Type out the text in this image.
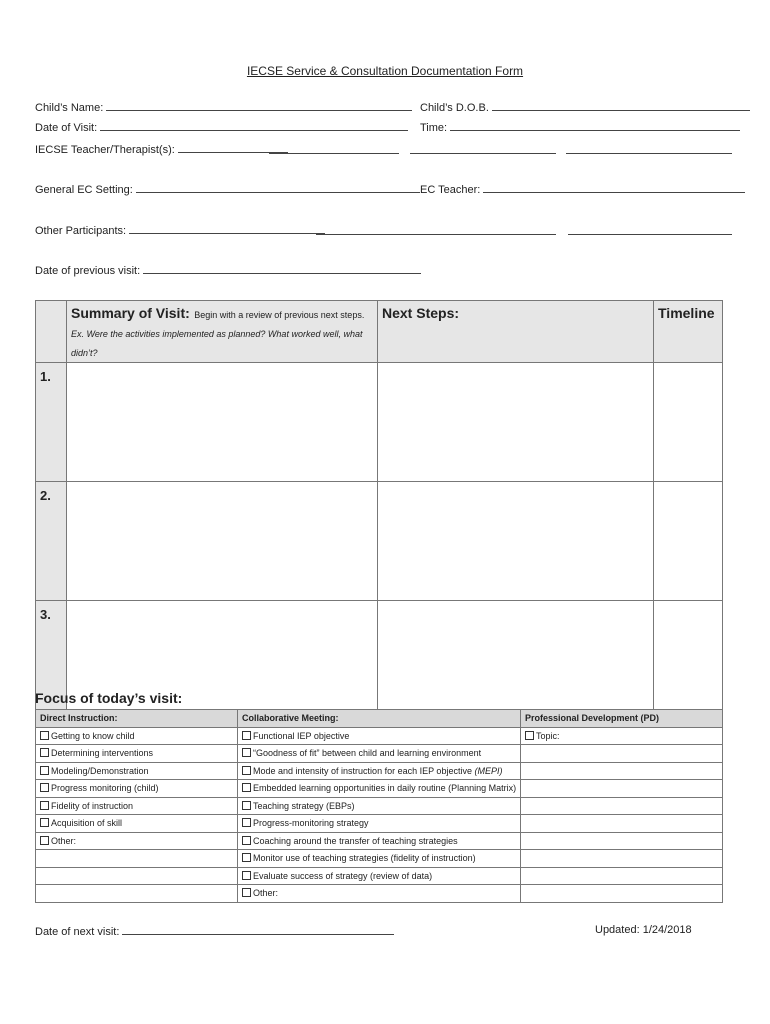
IECSE Service & Consultation Documentation Form
Child’s Name:	Child’s D.O.B.
Date of Visit:	Time:
IECSE Teacher/Therapist(s):
General EC Setting:	EC Teacher:
Other Participants:
Date of previous visit:
	Summary of Visit: Begin with a review of previous next steps. Ex. Were the activities implemented as planned? What worked well, what didn’t?	Next Steps:	Timeline
1.			
2.			
3.			
Focus of today’s visit:
Direct Instruction:	Collaborative Meeting:	Professional Development (PD)
Getting to know child	Functional IEP objective	Topic:
Determining interventions	“Goodness of fit” between child and learning environment	
Modeling/Demonstration	Mode and intensity of instruction for each IEP objective (MEPI)	
Progress monitoring (child)	Embedded learning opportunities in daily routine (Planning Matrix)	
Fidelity of instruction	Teaching strategy (EBPs)	
Acquisition of skill	Progress-monitoring strategy	
Other:	Coaching around the transfer of teaching strategies	
	Monitor use of teaching strategies (fidelity of instruction)	
	Evaluate success of strategy (review of data)	
	Other:	
Date of next visit:	Updated: 1/24/2018
